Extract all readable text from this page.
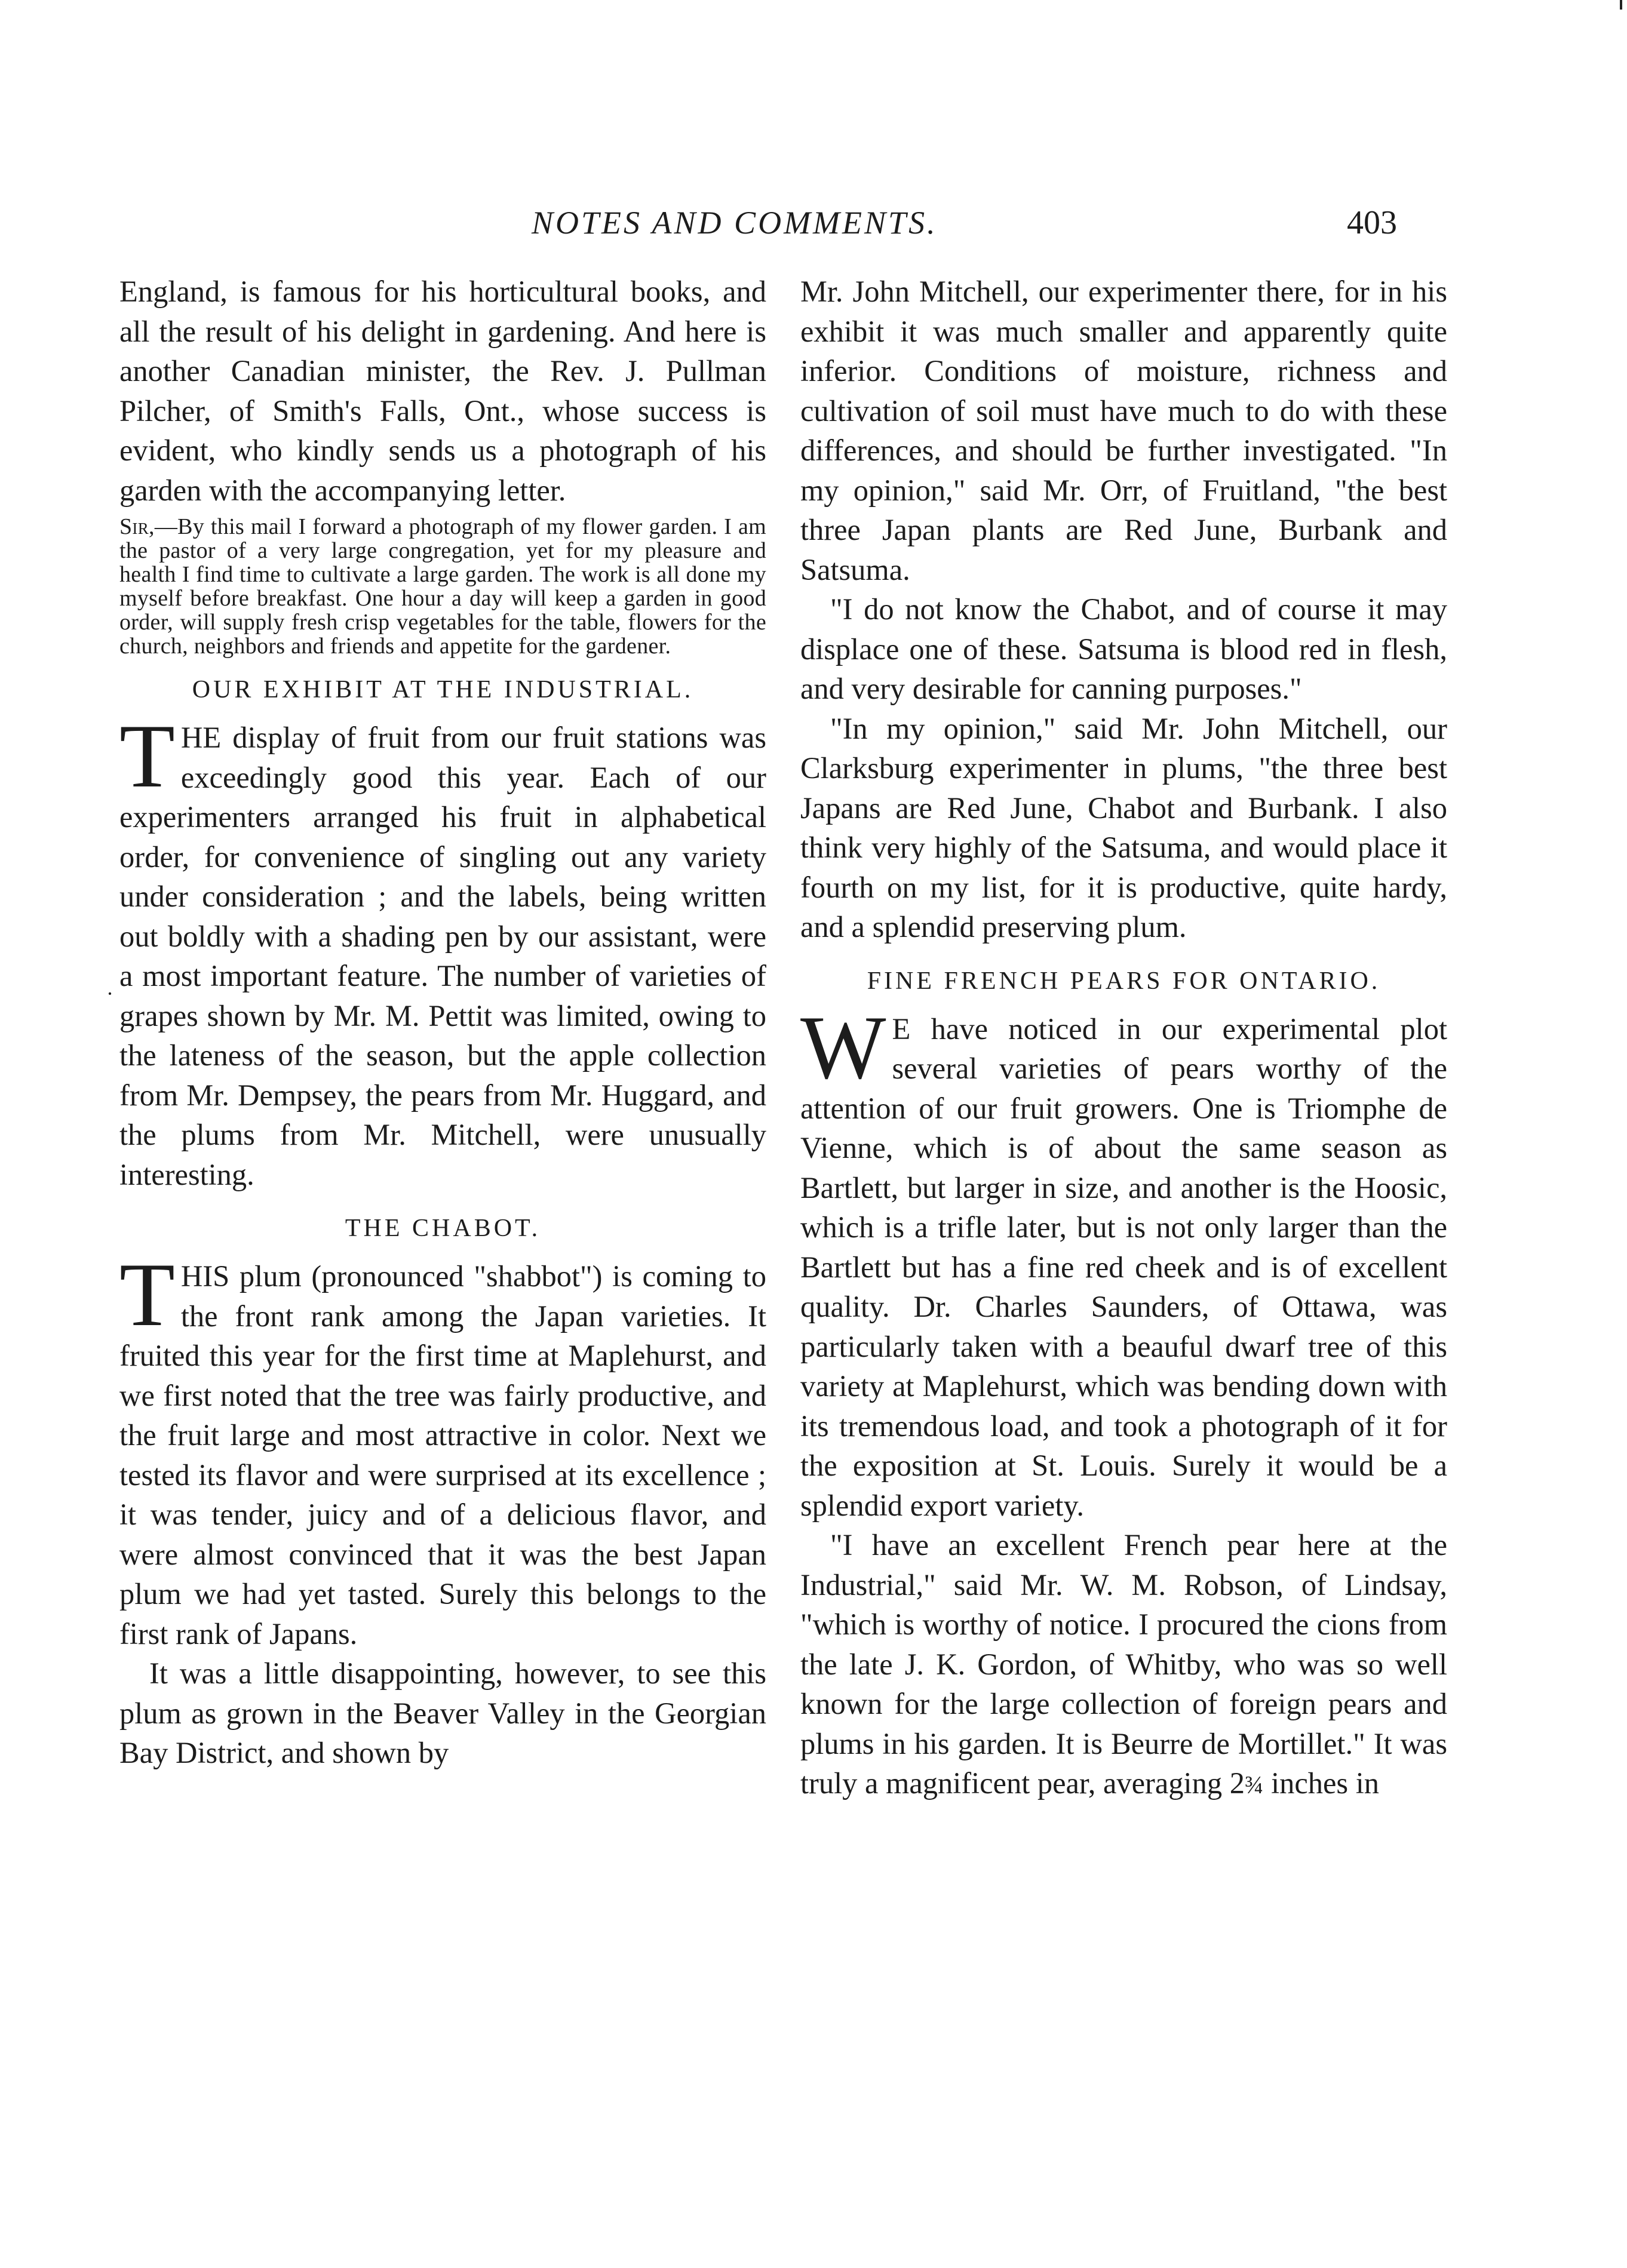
NOTES AND COMMENTS.	403
·

England, is famous for his horticultural books, and all the result of his delight in gardening. And here is another Canadian minister, the Rev. J. Pullman Pilcher, of Smith's Falls, Ont., whose success is evident, who kindly sends us a photograph of his garden with the accompanying letter.

Sir,—By this mail I forward a photograph of my flower garden. I am the pastor of a very large congregation, yet for my pleasure and health I find time to cultivate a large garden. The work is all done my myself before breakfast. One hour a day will keep a garden in good order, will supply fresh crisp vegetables for the table, flowers for the church, neighbors and friends and appetite for the gardener.

OUR EXHIBIT AT THE INDUSTRIAL.

THE display of fruit from our fruit stations was exceedingly good this year. Each of our experimenters arranged his fruit in alphabetical order, for convenience of singling out any variety under consideration ; and the labels, being written out boldly with a shading pen by our assistant, were a most important feature. The number of varieties of grapes shown by Mr. M. Pettit was limited, owing to the lateness of the season, but the apple collection from Mr. Dempsey, the pears from Mr. Huggard, and the plums from Mr. Mitchell, were unusually interesting.

THE CHABOT.

THIS plum (pronounced "shabbot") is coming to the front rank among the Japan varieties. It fruited this year for the first time at Maplehurst, and we first noted that the tree was fairly productive, and the fruit large and most attractive in color. Next we tested its flavor and were surprised at its excellence ; it was tender, juicy and of a delicious flavor, and were almost convinced that it was the best Japan plum we had yet tasted. Surely this belongs to the first rank of Japans.

It was a little disappointing, however, to see this plum as grown in the Beaver Valley in the Georgian Bay District, and shown by

Mr. John Mitchell, our experimenter there, for in his exhibit it was much smaller and apparently quite inferior. Conditions of moisture, richness and cultivation of soil must have much to do with these differences, and should be further investigated. "In my opinion," said Mr. Orr, of Fruitland, "the best three Japan plants are Red June, Burbank and Satsuma.

"I do not know the Chabot, and of course it may displace one of these. Satsuma is blood red in flesh, and very desirable for canning purposes."

"In my opinion," said Mr. John Mitchell, our Clarksburg experimenter in plums, "the three best Japans are Red June, Chabot and Burbank. I also think very highly of the Satsuma, and would place it fourth on my list, for it is productive, quite hardy, and a splendid preserving plum.

FINE FRENCH PEARS FOR ONTARIO.

W E have noticed in our experimental plot several varieties of pears worthy of the attention of our fruit growers. One is Triomphe de Vienne, which is of about the same season as Bartlett, but larger in size, and another is the Hoosic, which is a trifle later, but is not only larger than the Bartlett but has a fine red cheek and is of excellent quality. Dr. Charles Saunders, of Ottawa, was particularly taken with a beauful dwarf tree of this variety at Maplehurst, which was bending down with its tremendous load, and took a photograph of it for the exposition at St. Louis. Surely it would be a splendid export variety.

"I have an excellent French pear here at the Industrial," said Mr. W. M. Robson, of Lindsay, "which is worthy of notice. I procured the cions from the late J. K. Gordon, of Whitby, who was so well known for the large collection of foreign pears and plums in his garden. It is Beurre de Mortillet." It was truly a magnificent pear, averaging 2¾ inches in
